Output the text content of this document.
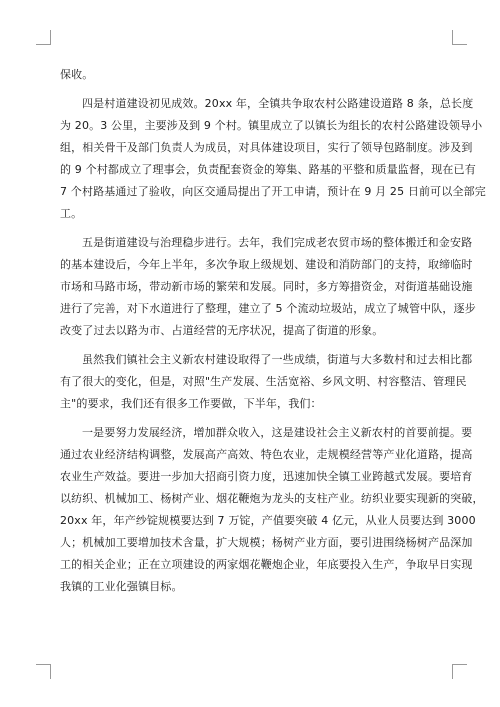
保收。
四是村道建设初见成效。20xx 年，全镇共争取农村公路建设道路 8 条，总长度
为 20。3 公里，主要涉及到 9 个村。镇里成立了以镇长为组长的农村公路建设领导小
组，相关骨干及部门负责人为成员，对具体建设项目，实行了领导包路制度。涉及到
的 9 个村都成立了理事会，负责配套资金的筹集、路基的平整和质量监督，现在已有
7 个村路基通过了验收，向区交通局提出了开工申请，预计在 9 月 25 日前可以全部完
工。
五是街道建设与治理稳步进行。去年，我们完成老农贸市场的整体搬迁和金安路
的基本建设后，今年上半年，多次争取上级规划、建设和消防部门的支持，取缔临时
市场和马路市场，带动新市场的繁荣和发展。同时，多方筹措资金，对街道基础设施
进行了完善，对下水道进行了整理，建立了 5 个流动垃圾站，成立了城管中队，逐步
改变了过去以路为市、占道经营的无序状况，提高了街道的形象。
虽然我们镇社会主义新农村建设取得了一些成绩，街道与大多数村和过去相比都
有了很大的变化，但是，对照"生产发展、生活宽裕、乡风文明、村容整洁、管理民
主"的要求，我们还有很多工作要做，下半年，我们：
一是要努力发展经济，增加群众收入，这是建设社会主义新农村的首要前提。要
通过农业经济结构调整，发展高产高效、特色农业，走规模经营等产业化道路，提高
农业生产效益。要进一步加大招商引资力度，迅速加快全镇工业跨越式发展。要培育
以纺织、机械加工、杨树产业、烟花鞭炮为龙头的支柱产业。纺织业要实现新的突破，
20xx 年，年产纱锭规模要达到 7 万锭，产值要突破 4 亿元，从业人员要达到 3000
人；机械加工要增加技术含量，扩大规模；杨树产业方面，要引进围绕杨树产品深加
工的相关企业；正在立项建设的两家烟花鞭炮企业，年底要投入生产，争取早日实现
我镇的工业化强镇目标。
